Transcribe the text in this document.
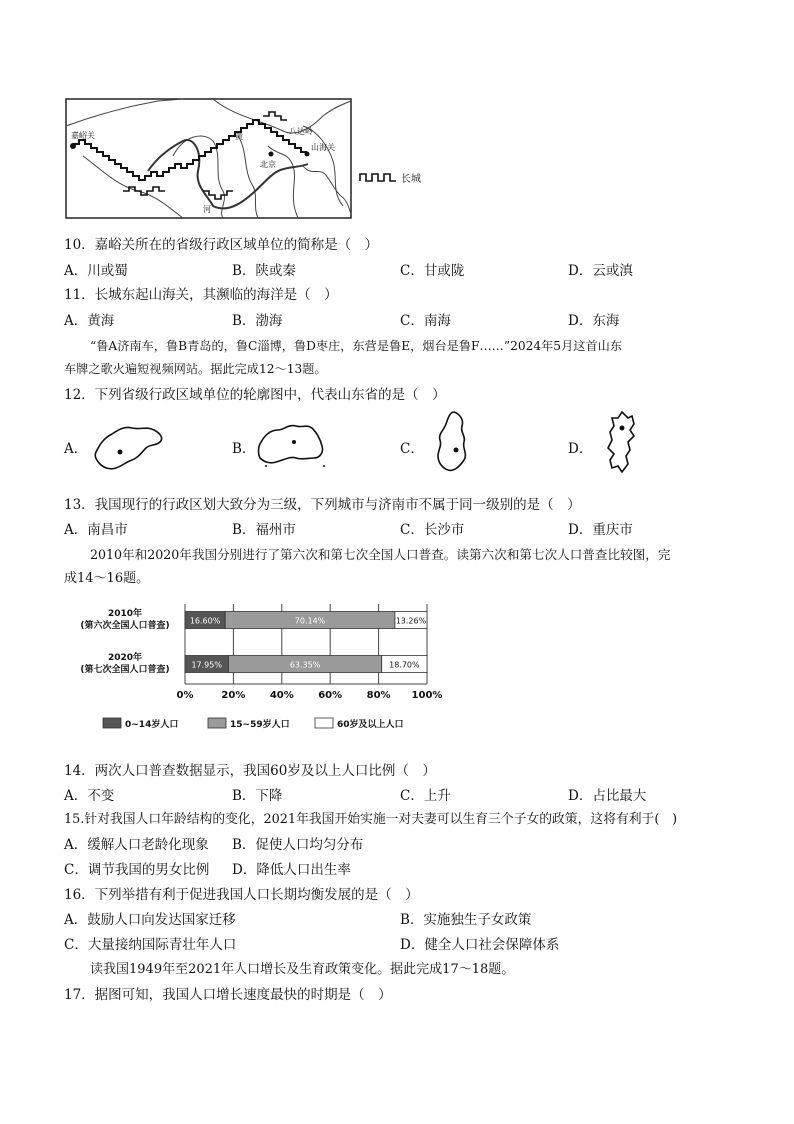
嘉峪关	黄
河
八达岭
北京
山海关
长城
10．嘉峪关所在的省级行政区域单位的简称是（　）
A．川或蜀	B．陕或秦	C．甘或陇	D．云或滇
11．长城东起山海关，其濒临的海洋是（　）
A．黄海	B．渤海	C．南海	D．东海
“鲁A济南车，鲁B青岛的，鲁C淄博，鲁D枣庄，东营是鲁E，烟台是鲁F……”2024年5月这首山东
车牌之歌火遍短视频网站。据此完成12～13题。
12．下列省级行政区域单位的轮廓图中，代表山东省的是（　）
A．	B．	C．	D．
13．我国现行的行政区划大致分为三级，下列城市与济南市不属于同一级别的是（　）
A．南昌市	B．福州市	C．长沙市	D．重庆市
2010年和2020年我国分别进行了第六次和第七次全国人口普查。读第六次和第七次人口普查比较图，完
成14～16题。
0%	20% 40% 60% 80% 100%
16.60%	70.14%	13.26%
2010年
(第六次全国人口普查)
17.95%	63.35%	18.70%
2020年
(第七次全国人口普查)
0~14岁人口	15~59岁人口	60岁及以上人口
14．两次人口普查数据显示，我国60岁及以上人口比例（　）
A．不变	B．下降	C．上升	D．占比最大
15.针对我国人口年龄结构的变化，2021年我国开始实施一对夫妻可以生育三个子女的政策，这将有利于(　)
A．缓解人口老龄化现象 B．促使人口均匀分布
C．调节我国的男女比例 D．降低人口出生率
16．下列举措有利于促进我国人口长期均衡发展的是（　）
A．鼓励人口向发达国家迁移	B．实施独生子女政策
C．大量接纳国际青壮年人口	D．健全人口社会保障体系
读我国1949年至2021年人口增长及生育政策变化。据此完成17～18题。
17．据图可知，我国人口增长速度最快的时期是（　）
